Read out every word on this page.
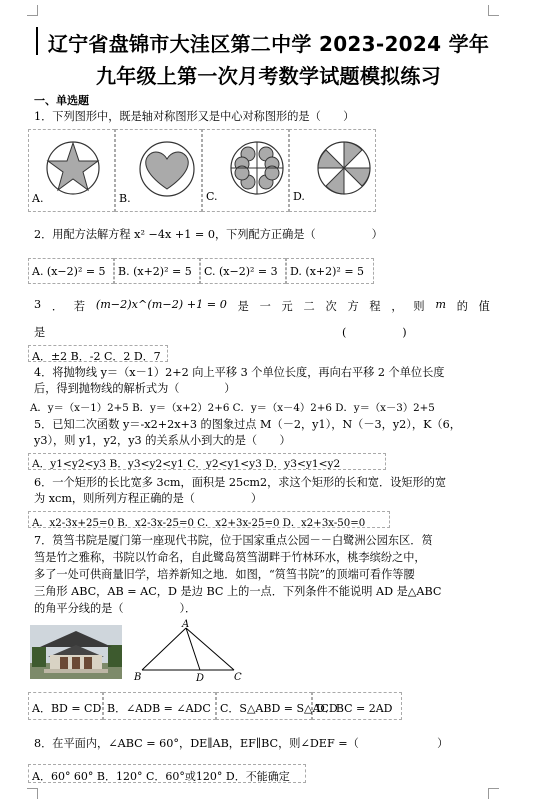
辽宁省盘锦市大洼区第二中学 2023-2024 学年
九年级上第一次月考数学试题模拟练习
一、单选题
1．下列图形中，既是轴对称图形又是中心对称图形的是（　　）
A.	B.	C.	D.
2．用配方法解方程 x² −4x +1 = 0，下列配方正确是（　　　　　）
A. (x−2)² = 5	B. (x+2)² = 5	C. (x−2)² = 3	D. (x+2)² = 5
3 ． 若 (m−2)x^(m−2) +1 = 0 是 一 元 二 次 方 程 ， 则 m 的 值
是	(　　　　　)
A．±2 B．-2 C．2 D．7
4．将抛物线 y＝（x－1）2+2 向上平移 3 个单位长度，再向右平移 2 个单位长度
后，得到抛物线的解析式为（　　　　）
A．y＝（x－1）2+5 B．y＝（x+2）2+6 C．y＝（x－4）2+6 D．y＝（x－3）2+5
5．已知二次函数 y＝-x2+2x+3 的图象过点 M（－2，y1），N（－3，y2），K（6，
y3），则 y1，y2，y3 的关系从小到大的是（　　）
A．y1<y2<y3 B．y3<y2<y1 C．y2<y1<y3 D．y3<y1<y2
6．一个矩形的长比宽多 3cm，面积是 25cm2，求这个矩形的长和宽．设矩形的宽
为 xcm，则所列方程正确的是（　　　　　）
A．x2-3x+25=0 B．x2-3x-25=0 C．x2+3x-25=0 D．x2+3x-50=0
7．筼筜书院是厦门第一座现代书院，位于国家重点公园－－白鹭洲公园东区．筼
筜是竹之雅称，书院以竹命名，自此鹭岛筼筜湖畔于竹林环水，桃李缤纷之中，
多了一处可供商量旧学，培养新知之地．如图，“筼筜书院”的顶端可看作等腰
三角形 ABC，AB = AC，D 是边 BC 上的一点．下列条件不能说明 AD 是△ABC
的角平分线的是（　　　　　）．
A
B	D	C
A．BD = CD B．∠ADB = ∠ADC C．S△ABD = S△ACD
D．BC = 2AD
8．在平面内，∠ABC = 60°，DE∥AB，EF∥BC，则∠DEF =（　　　　　　　）
A．60° 60° B．120° C．60°或120° D．不能确定
